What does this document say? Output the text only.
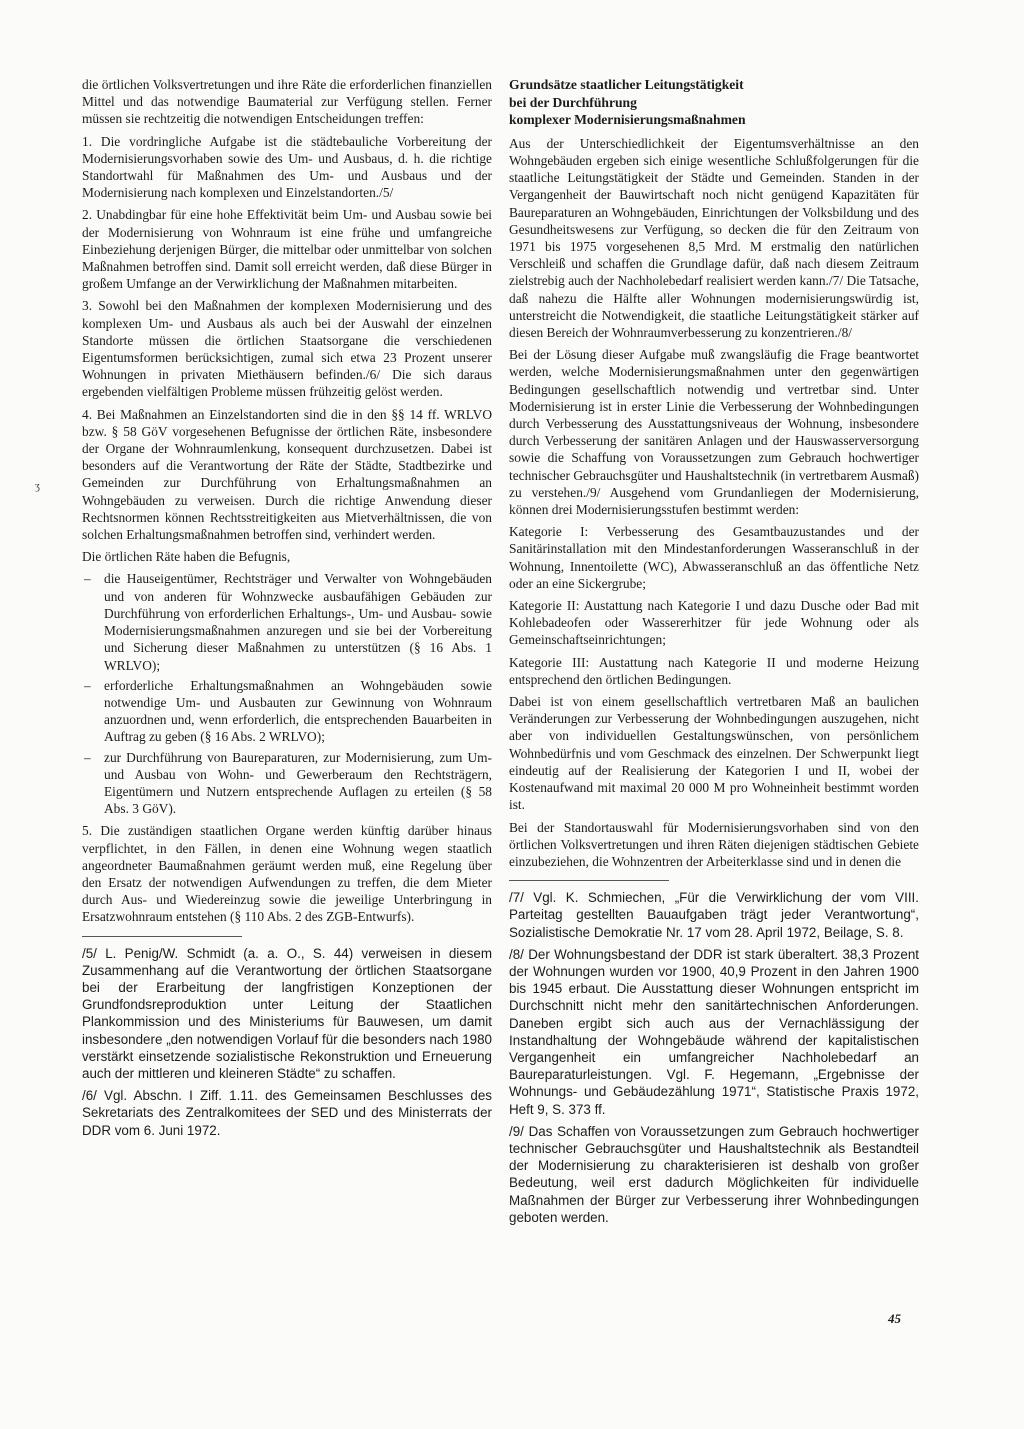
die örtlichen Volksvertretungen und ihre Räte die erforderlichen finanziellen Mittel und das notwendige Baumaterial zur Verfügung stellen. Ferner müssen sie rechtzeitig die notwendigen Entscheidungen treffen:

1. Die vordringliche Aufgabe ist die städtebauliche Vorbereitung der Modernisierungsvorhaben sowie des Um- und Ausbaus, d. h. die richtige Standortwahl für Maßnahmen des Um- und Ausbaus und der Modernisierung nach komplexen und Einzelstandorten./5/

2. Unabdingbar für eine hohe Effektivität beim Um- und Ausbau sowie bei der Modernisierung von Wohnraum ist eine frühe und umfangreiche Einbeziehung derjenigen Bürger, die mittelbar oder unmittelbar von solchen Maßnahmen betroffen sind. Damit soll erreicht werden, daß diese Bürger in großem Umfange an der Verwirklichung der Maßnahmen mitarbeiten.

3. Sowohl bei den Maßnahmen der komplexen Modernisierung und des komplexen Um- und Ausbaus als auch bei der Auswahl der einzelnen Standorte müssen die örtlichen Staatsorgane die verschiedenen Eigentumsformen berücksichtigen, zumal sich etwa 23 Prozent unserer Wohnungen in privaten Miethäusern befinden./6/ Die sich daraus ergebenden vielfältigen Probleme müssen frühzeitig gelöst werden.

4. Bei Maßnahmen an Einzelstandorten sind die in den §§ 14 ff. WRLVO bzw. § 58 GöV vorgesehenen Befugnisse der örtlichen Räte, insbesondere der Organe der Wohnraumlenkung, konsequent durchzusetzen. Dabei ist besonders auf die Verantwortung der Räte der Städte, Stadtbezirke und Gemeinden zur Durchführung von Erhaltungsmaßnahmen an Wohngebäuden zu verweisen. Durch die richtige Anwendung dieser Rechtsnormen können Rechtsstreitigkeiten aus Mietverhältnissen, die von solchen Erhaltungsmaßnahmen betroffen sind, verhindert werden.

Die örtlichen Räte haben die Befugnis,

– die Hauseigentümer, Rechtsträger und Verwalter von Wohngebäuden und von anderen für Wohnzwecke ausbaufähigen Gebäuden zur Durchführung von erforderlichen Erhaltungs-, Um- und Ausbau- sowie Modernisierungsmaßnahmen anzuregen und sie bei der Vorbereitung und Sicherung dieser Maßnahmen zu unterstützen (§ 16 Abs. 1 WRLVO);
– erforderliche Erhaltungsmaßnahmen an Wohngebäuden sowie notwendige Um- und Ausbauten zur Gewinnung von Wohnraum anzuordnen und, wenn erforderlich, die entsprechenden Bauarbeiten in Auftrag zu geben (§ 16 Abs. 2 WRLVO);
– zur Durchführung von Baureparaturen, zur Modernisierung, zum Um- und Ausbau von Wohn- und Gewerberaum den Rechtsträgern, Eigentümern und Nutzern entsprechende Auflagen zu erteilen (§ 58 Abs. 3 GöV).

5. Die zuständigen staatlichen Organe werden künftig darüber hinaus verpflichtet, in den Fällen, in denen eine Wohnung wegen staatlich angeordneter Baumaßnahmen geräumt werden muß, eine Regelung über den Ersatz der notwendigen Aufwendungen zu treffen, die dem Mieter durch Aus- und Wiedereinzug sowie die jeweilige Unterbringung in Ersatzwohnraum entstehen (§ 110 Abs. 2 des ZGB-Entwurfs).

/5/ L. Penig/W. Schmidt (a. a. O., S. 44) verweisen in diesem Zusammenhang auf die Verantwortung der örtlichen Staatsorgane bei der Erarbeitung der langfristigen Konzeptionen der Grundfondsreproduktion unter Leitung der Staatlichen Plankommission und des Ministeriums für Bauwesen, um damit insbesondere „den notwendigen Vorlauf für die besonders nach 1980 verstärkt einsetzende sozialistische Rekonstruktion und Erneuerung auch der mittleren und kleineren Städte“ zu schaffen.

/6/ Vgl. Abschn. I Ziff. 1.11. des Gemeinsamen Beschlusses des Sekretariats des Zentralkomitees der SED und des Ministerrats der DDR vom 6. Juni 1972.

Grundsätze staatlicher Leitungstätigkeit
bei der Durchführung
komplexer Modernisierungsmaßnahmen

Aus der Unterschiedlichkeit der Eigentumsverhältnisse an den Wohngebäuden ergeben sich einige wesentliche Schlußfolgerungen für die staatliche Leitungstätigkeit der Städte und Gemeinden. Standen in der Vergangenheit der Bauwirtschaft noch nicht genügend Kapazitäten für Baureparaturen an Wohngebäuden, Einrichtungen der Volksbildung und des Gesundheitswesens zur Verfügung, so decken die für den Zeitraum von 1971 bis 1975 vorgesehenen 8,5 Mrd. M erstmalig den natürlichen Verschleiß und schaffen die Grundlage dafür, daß nach diesem Zeitraum zielstrebig auch der Nachholebedarf realisiert werden kann./7/ Die Tatsache, daß nahezu die Hälfte aller Wohnungen modernisierungswürdig ist, unterstreicht die Notwendigkeit, die staatliche Leitungstätigkeit stärker auf diesen Bereich der Wohnraumverbesserung zu konzentrieren./8/

Bei der Lösung dieser Aufgabe muß zwangsläufig die Frage beantwortet werden, welche Modernisierungsmaßnahmen unter den gegenwärtigen Bedingungen gesellschaftlich notwendig und vertretbar sind. Unter Modernisierung ist in erster Linie die Verbesserung der Wohnbedingungen durch Verbesserung des Ausstattungsniveaus der Wohnung, insbesondere durch Verbesserung der sanitären Anlagen und der Hauswasserversorgung sowie die Schaffung von Voraussetzungen zum Gebrauch hochwertiger technischer Gebrauchsgüter und Haushaltstechnik (in vertretbarem Ausmaß) zu verstehen./9/ Ausgehend vom Grundanliegen der Modernisierung, können drei Modernisierungsstufen bestimmt werden:

Kategorie I: Verbesserung des Gesamtbauzustandes und der Sanitärinstallation mit den Mindestanforderungen Wasseranschluß in der Wohnung, Innentoilette (WC), Abwasseranschluß an das öffentliche Netz oder an eine Sickergrube;

Kategorie II: Austattung nach Kategorie I und dazu Dusche oder Bad mit Kohlebadeofen oder Wassererhitzer für jede Wohnung oder als Gemeinschaftseinrichtungen;

Kategorie III: Austattung nach Kategorie II und moderne Heizung entsprechend den örtlichen Bedingungen.

Dabei ist von einem gesellschaftlich vertretbaren Maß an baulichen Veränderungen zur Verbesserung der Wohnbedingungen auszugehen, nicht aber von individuellen Gestaltungswünschen, von persönlichem Wohnbedürfnis und vom Geschmack des einzelnen. Der Schwerpunkt liegt eindeutig auf der Realisierung der Kategorien I und II, wobei der Kostenaufwand mit maximal 20 000 M pro Wohneinheit bestimmt worden ist.

Bei der Standortauswahl für Modernisierungsvorhaben sind von den örtlichen Volksvertretungen und ihren Räten diejenigen städtischen Gebiete einzubeziehen, die Wohnzentren der Arbeiterklasse sind und in denen die

/7/ Vgl. K. Schmiechen, „Für die Verwirklichung der vom VIII. Parteitag gestellten Bauaufgaben trägt jeder Verantwortung“, Sozialistische Demokratie Nr. 17 vom 28. April 1972, Beilage, S. 8.

/8/ Der Wohnungsbestand der DDR ist stark überaltert. 38,3 Prozent der Wohnungen wurden vor 1900, 40,9 Prozent in den Jahren 1900 bis 1945 erbaut. Die Ausstattung dieser Wohnungen entspricht im Durchschnitt nicht mehr den sanitärtechnischen Anforderungen. Daneben ergibt sich auch aus der Vernachlässigung der Instandhaltung der Wohngebäude während der kapitalistischen Vergangenheit ein umfangreicher Nachholebedarf an Baureparaturleistungen. Vgl. F. Hegemann, „Ergebnisse der Wohnungs- und Gebäudezählung 1971“, Statistische Praxis 1972, Heft 9, S. 373 ff.

/9/ Das Schaffen von Voraussetzungen zum Gebrauch hochwertiger technischer Gebrauchsgüter und Haushaltstechnik als Bestandteil der Modernisierung zu charakterisieren ist deshalb von großer Bedeutung, weil erst dadurch Möglichkeiten für individuelle Maßnahmen der Bürger zur Verbesserung ihrer Wohnbedingungen geboten werden.

ʒ
45
